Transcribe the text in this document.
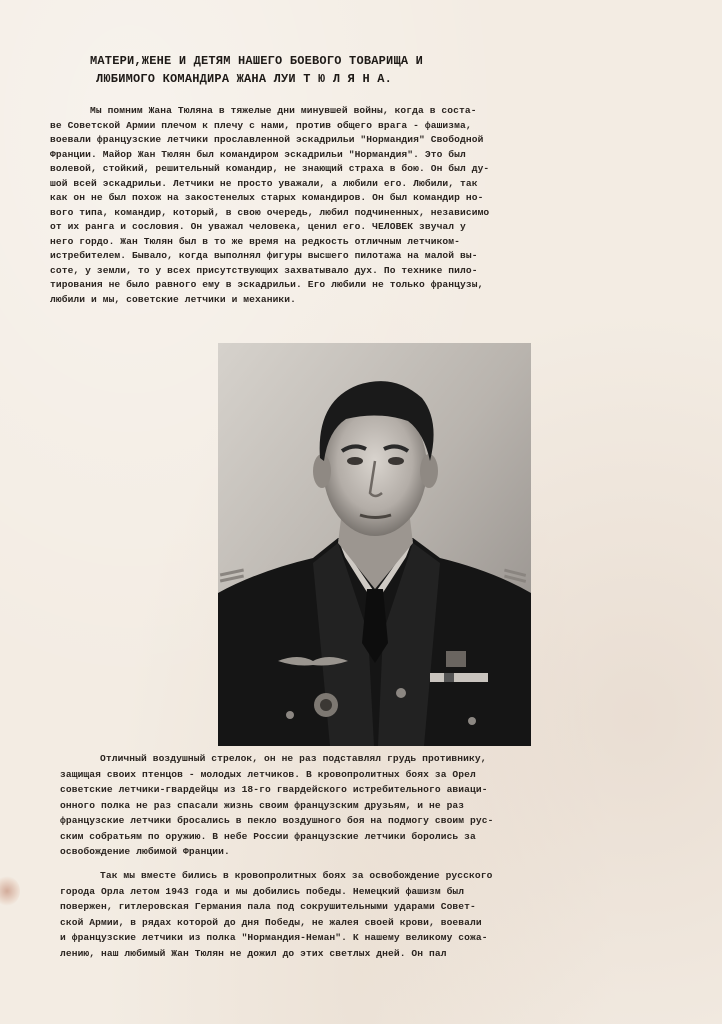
МАТЕРИ,ЖЕНЕ И ДЕТЯМ НАШЕГО БОЕВОГО ТОВАРИЩА И
ЛЮБИМОГО КОМАНДИРА ЖАНА ЛУИ Т Ю Л Я Н А.
Мы помним Жана Тюляна в тяжелые дни минувшей войны, когда в соста-
ве Советской Армии плечом к плечу с нами, против общего врага - фашизма,
воевали французские летчики прославленной эскадрильи "Нормандия" Свободной
Франции. Майор Жан Тюлян был командиром эскадрильи "Нормандия". Это был
волевой, стойкий, решительный командир, не знающий страха в бою. Он был ду-
шой всей эскадрильи. Летчики не просто уважали, а любили его. Любили, так
как он не был похож на закостенелых старых командиров. Он был командир но-
вого типа, командир, который, в свою очередь, любил подчиненных, независимо
от их ранга и сословия. Он уважал человека, ценил его. ЧЕЛОВЕК звучал у
него гордо. Жан Тюлян был в то же время на редкость отличным летчиком-
истребителем. Бывало, когда выполнял фигуры высшего пилотажа на малой вы-
соте, у земли, то у всех присутствующих захватывало дух. По технике пило-
тирования не было равного ему в эскадрильи. Его любили не только французы,
любили и мы, советские летчики и механики.
Отличный воздушный стрелок, он не раз подставлял грудь противнику,
защищая своих птенцов - молодых летчиков. В кровопролитных боях за Орел
советские летчики-гвардейцы из 18-го гвардейского истребительного авиаци-
онного полка не раз спасали жизнь своим французским друзьям, и не раз
французские летчики бросались в пекло воздушного боя на подмогу своим рус-
ским собратьям по оружию. В небе России французские летчики боролись за
освобождение любимой Франции.
Так мы вместе бились в кровопролитных боях за освобождение русского
города Орла летом 1943 года и мы добились победы. Немецкий фашизм был
повержен, гитлеровская Германия пала под сокрушительными ударами Совет-
ской Армии, в рядах которой до дня Победы, не жалея своей крови, воевали
и французские летчики из полка "Нормандия-Неман". К нашему великому сожа-
лению, наш любимый Жан Тюлян не дожил до этих светлых дней. Он пал
